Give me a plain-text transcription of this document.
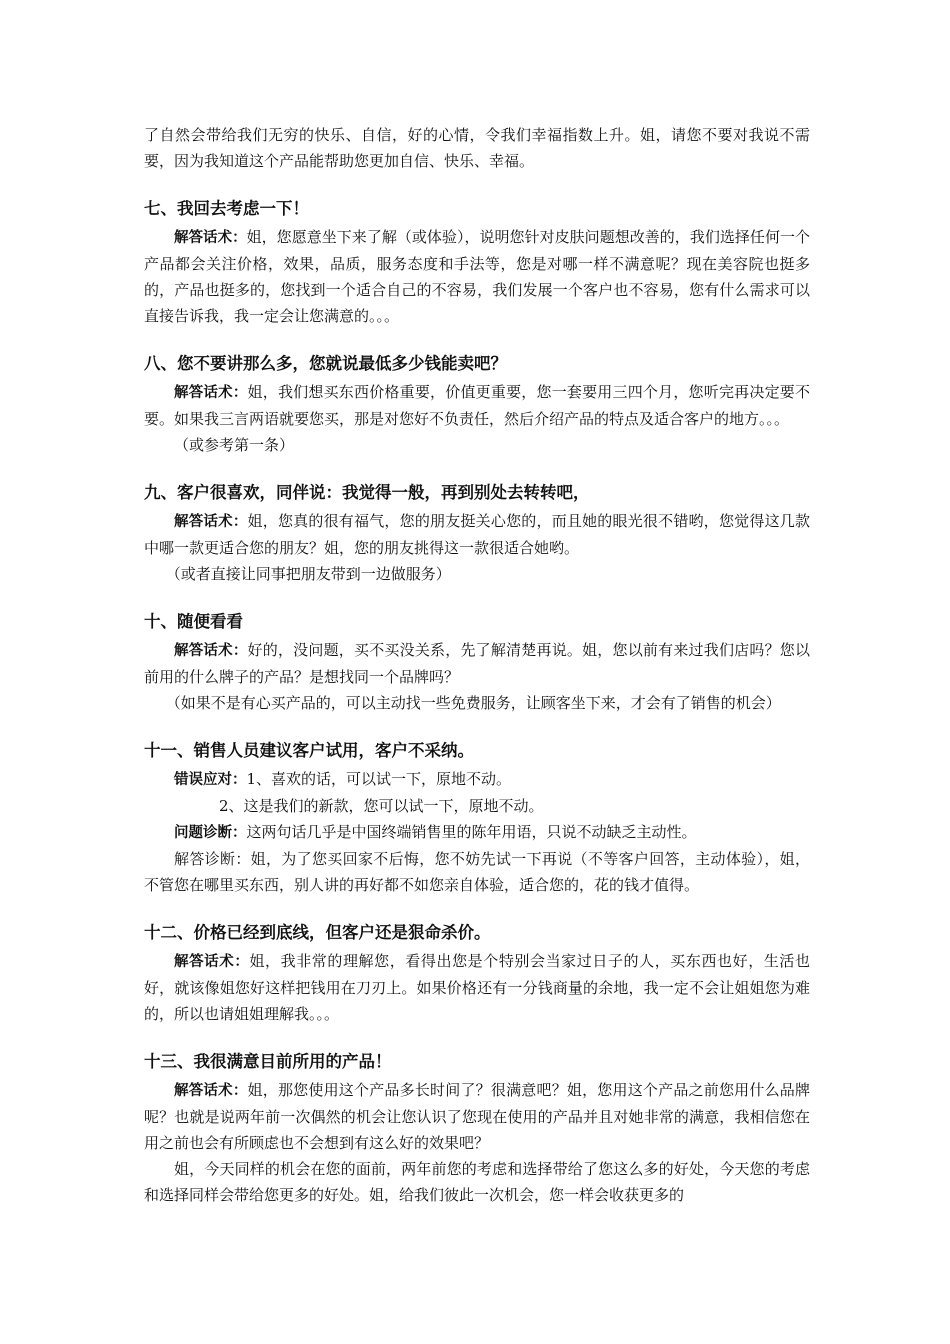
了自然会带给我们无穷的快乐、自信，好的心情，令我们幸福指数上升。姐，请您不要对我说不需要，因为我知道这个产品能帮助您更加自信、快乐、幸福。

七、我回去考虑一下！

解答话术：姐，您愿意坐下来了解（或体验），说明您针对皮肤问题想改善的，我们选择任何一个产品都会关注价格，效果，品质，服务态度和手法等，您是对哪一样不满意呢？现在美容院也挺多的，产品也挺多的，您找到一个适合自己的不容易，我们发展一个客户也不容易，您有什么需求可以直接告诉我，我一定会让您满意的。。。

八、您不要讲那么多，您就说最低多少钱能卖吧？

解答话术：姐，我们想买东西价格重要，价值更重要，您一套要用三四个月，您听完再决定要不要。如果我三言两语就要您买，那是对您好不负责任，然后介绍产品的特点及适合客户的地方。。。

（或参考第一条）

九、客户很喜欢，同伴说：我觉得一般，再到别处去转转吧，

解答话术：姐，您真的很有福气，您的朋友挺关心您的，而且她的眼光很不错哟，您觉得这几款中哪一款更适合您的朋友？姐，您的朋友挑得这一款很适合她哟。

（或者直接让同事把朋友带到一边做服务）

十、随便看看

解答话术：好的，没问题，买不买没关系，先了解清楚再说。姐，您以前有来过我们店吗？您以前用的什么牌子的产品？是想找同一个品牌吗？

（如果不是有心买产品的，可以主动找一些免费服务，让顾客坐下来，才会有了销售的机会）

十一、销售人员建议客户试用，客户不采纳。

错误应对：1、喜欢的话，可以试一下，原地不动。

2、这是我们的新款，您可以试一下，原地不动。

问题诊断：这两句话几乎是中国终端销售里的陈年用语，只说不动缺乏主动性。

解答诊断：姐，为了您买回家不后悔，您不妨先试一下再说（不等客户回答，主动体验），姐，不管您在哪里买东西，别人讲的再好都不如您亲自体验，适合您的，花的钱才值得。

十二、价格已经到底线，但客户还是狠命杀价。

解答话术：姐，我非常的理解您，看得出您是个特别会当家过日子的人，买东西也好，生活也好，就该像姐您好这样把钱用在刀刃上。如果价格还有一分钱商量的余地，我一定不会让姐姐您为难的，所以也请姐姐理解我。。。

十三、我很满意目前所用的产品！

解答话术：姐，那您使用这个产品多长时间了？很满意吧？姐，您用这个产品之前您用什么品牌呢？也就是说两年前一次偶然的机会让您认识了您现在使用的产品并且对她非常的满意，我相信您在用之前也会有所顾虑也不会想到有这么好的效果吧？

姐，今天同样的机会在您的面前，两年前您的考虑和选择带给了您这么多的好处，今天您的考虑和选择同样会带给您更多的好处。姐，给我们彼此一次机会，您一样会收获更多的
